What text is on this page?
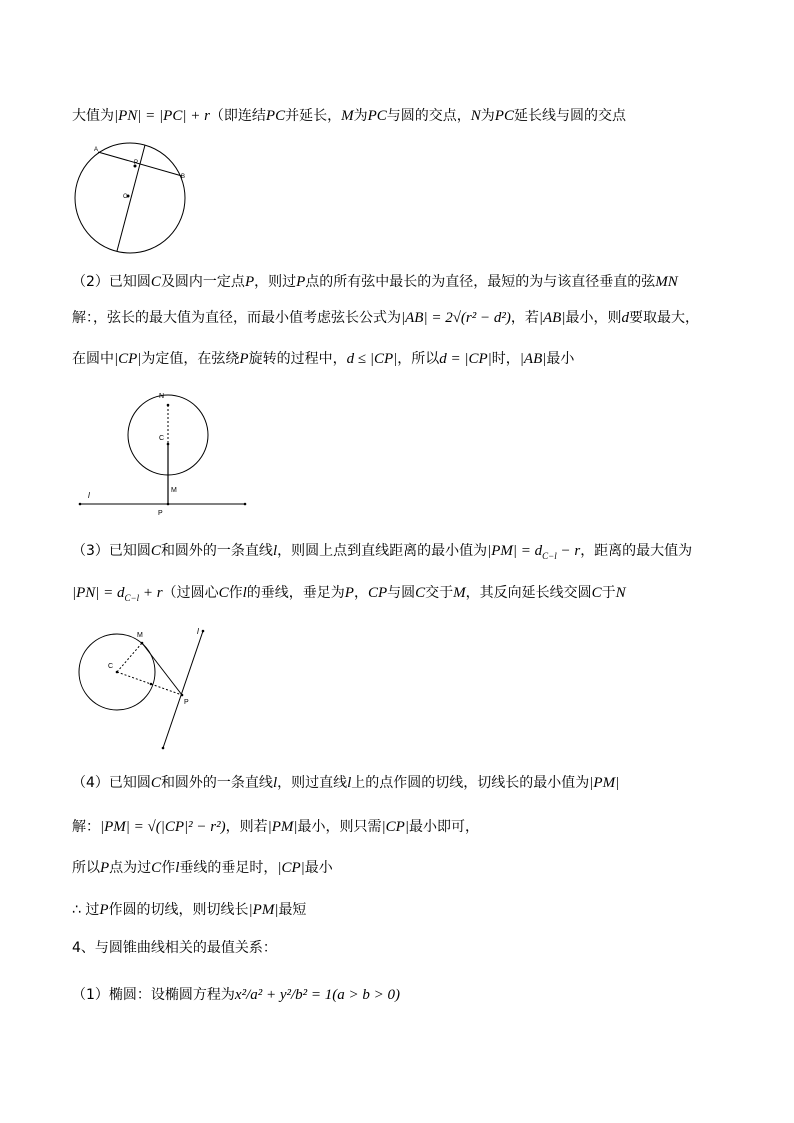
大值为|PN| = |PC| + r（即连结PC并延长，M为PC与圆的交点，N为PC延长线与圆的交点
A
B
P
C
（2）已知圆C及圆内一定点P，则过P点的所有弦中最长的为直径，最短的为与该直径垂直的弦MN
解：，弦长的最大值为直径，而最小值考虑弦长公式为|AB| = 2√(r² − d²)，若|AB|最小，则d要取最大，
在圆中|CP|为定值，在弦绕P旋转的过程中，d ≤ |CP|，所以d = |CP|时，|AB|最小
N
C
M
P
l
（3）已知圆C和圆外的一条直线l，则圆上点到直线距离的最小值为$|PM| = d_{C-l} - r$，距离的最大值为
$|PN| = d_{C-l} + r$（过圆心C作l的垂线，垂足为P，CP与圆C交于M，其反向延长线交圆C于N
M
C
P
l
（4）已知圆C和圆外的一条直线l，则过直线l上的点作圆的切线，切线长的最小值为|PM|
解：|PM| = √(|CP|² − r²)，则若|PM|最小，则只需|CP|最小即可，
所以P点为过C作l垂线的垂足时，|CP|最小
∴ 过P作圆的切线，则切线长|PM|最短
4、与圆锥曲线相关的最值关系：
（1）椭圆：设椭圆方程为x²/a² + y²/b² = 1(a > b > 0)
